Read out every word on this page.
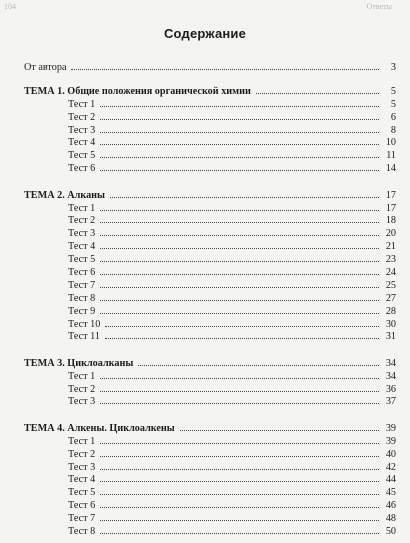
104	Ответы
Содержание
От автора	3
ТЕМА 1. Общие положения органической химии	5
Тест 1	5
Тест 2	6
Тест 3	8
Тест 4	10
Тест 5	11
Тест 6	14
ТЕМА 2. Алканы	17
Тест 1	17
Тест 2	18
Тест 3	20
Тест 4	21
Тест 5	23
Тест 6	24
Тест 7	25
Тест 8	27
Тест 9	28
Тест 10	30
Тест 11	31
ТЕМА 3. Циклоалканы	34
Тест 1	34
Тест 2	36
Тест 3	37
ТЕМА 4. Алкены. Циклоалкены	39
Тест 1	39
Тест 2	40
Тест 3	42
Тест 4	44
Тест 5	45
Тест 6	46
Тест 7	48
Тест 8	50
